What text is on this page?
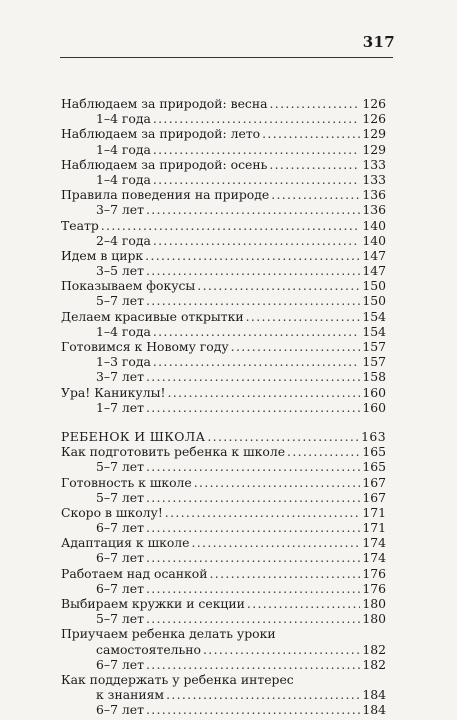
317
Наблюдаем за природой: весна . . .	126
1–4 года . . .	126
Наблюдаем за природой: лето . . .	129
1–4 года . . .	129
Наблюдаем за природой: осень . . .	133
1–4 года . . .	133
Правила поведения на природе . . .	136
3–7 лет . . .	136
Театр . . .	140
2–4 года . . .	140
Идем в цирк . . .	147
3–5 лет . . .	147
Показываем фокусы . . .	150
5–7 лет . . .	150
Делаем красивые открытки . . .	154
1–4 года . . .	154
Готовимся к Новому году . . .	157
1–3 года . . .	157
3–7 лет . . .	158
Ура! Каникулы! . . .	160
1–7 лет . . .	160
РЕБЕНОК И ШКОЛА . . .	163
Как подготовить ребенка к школе . . .	165
5–7 лет . . .	165
Готовность к школе . . .	167
5–7 лет . . .	167
Скоро в школу! . . .	171
6–7 лет . . .	171
Адаптация к школе . . .	174
6–7 лет . . .	174
Работаем над осанкой . . .	176
6–7 лет . . .	176
Выбираем кружки и секции . . .	180
5–7 лет . . .	180
Приучаем ребенка делать уроки
самостоятельно . . .	182
6–7 лет . . .	182
Как поддержать у ребенка интерес
к знаниям . . .	184
6–7 лет . . .	184
